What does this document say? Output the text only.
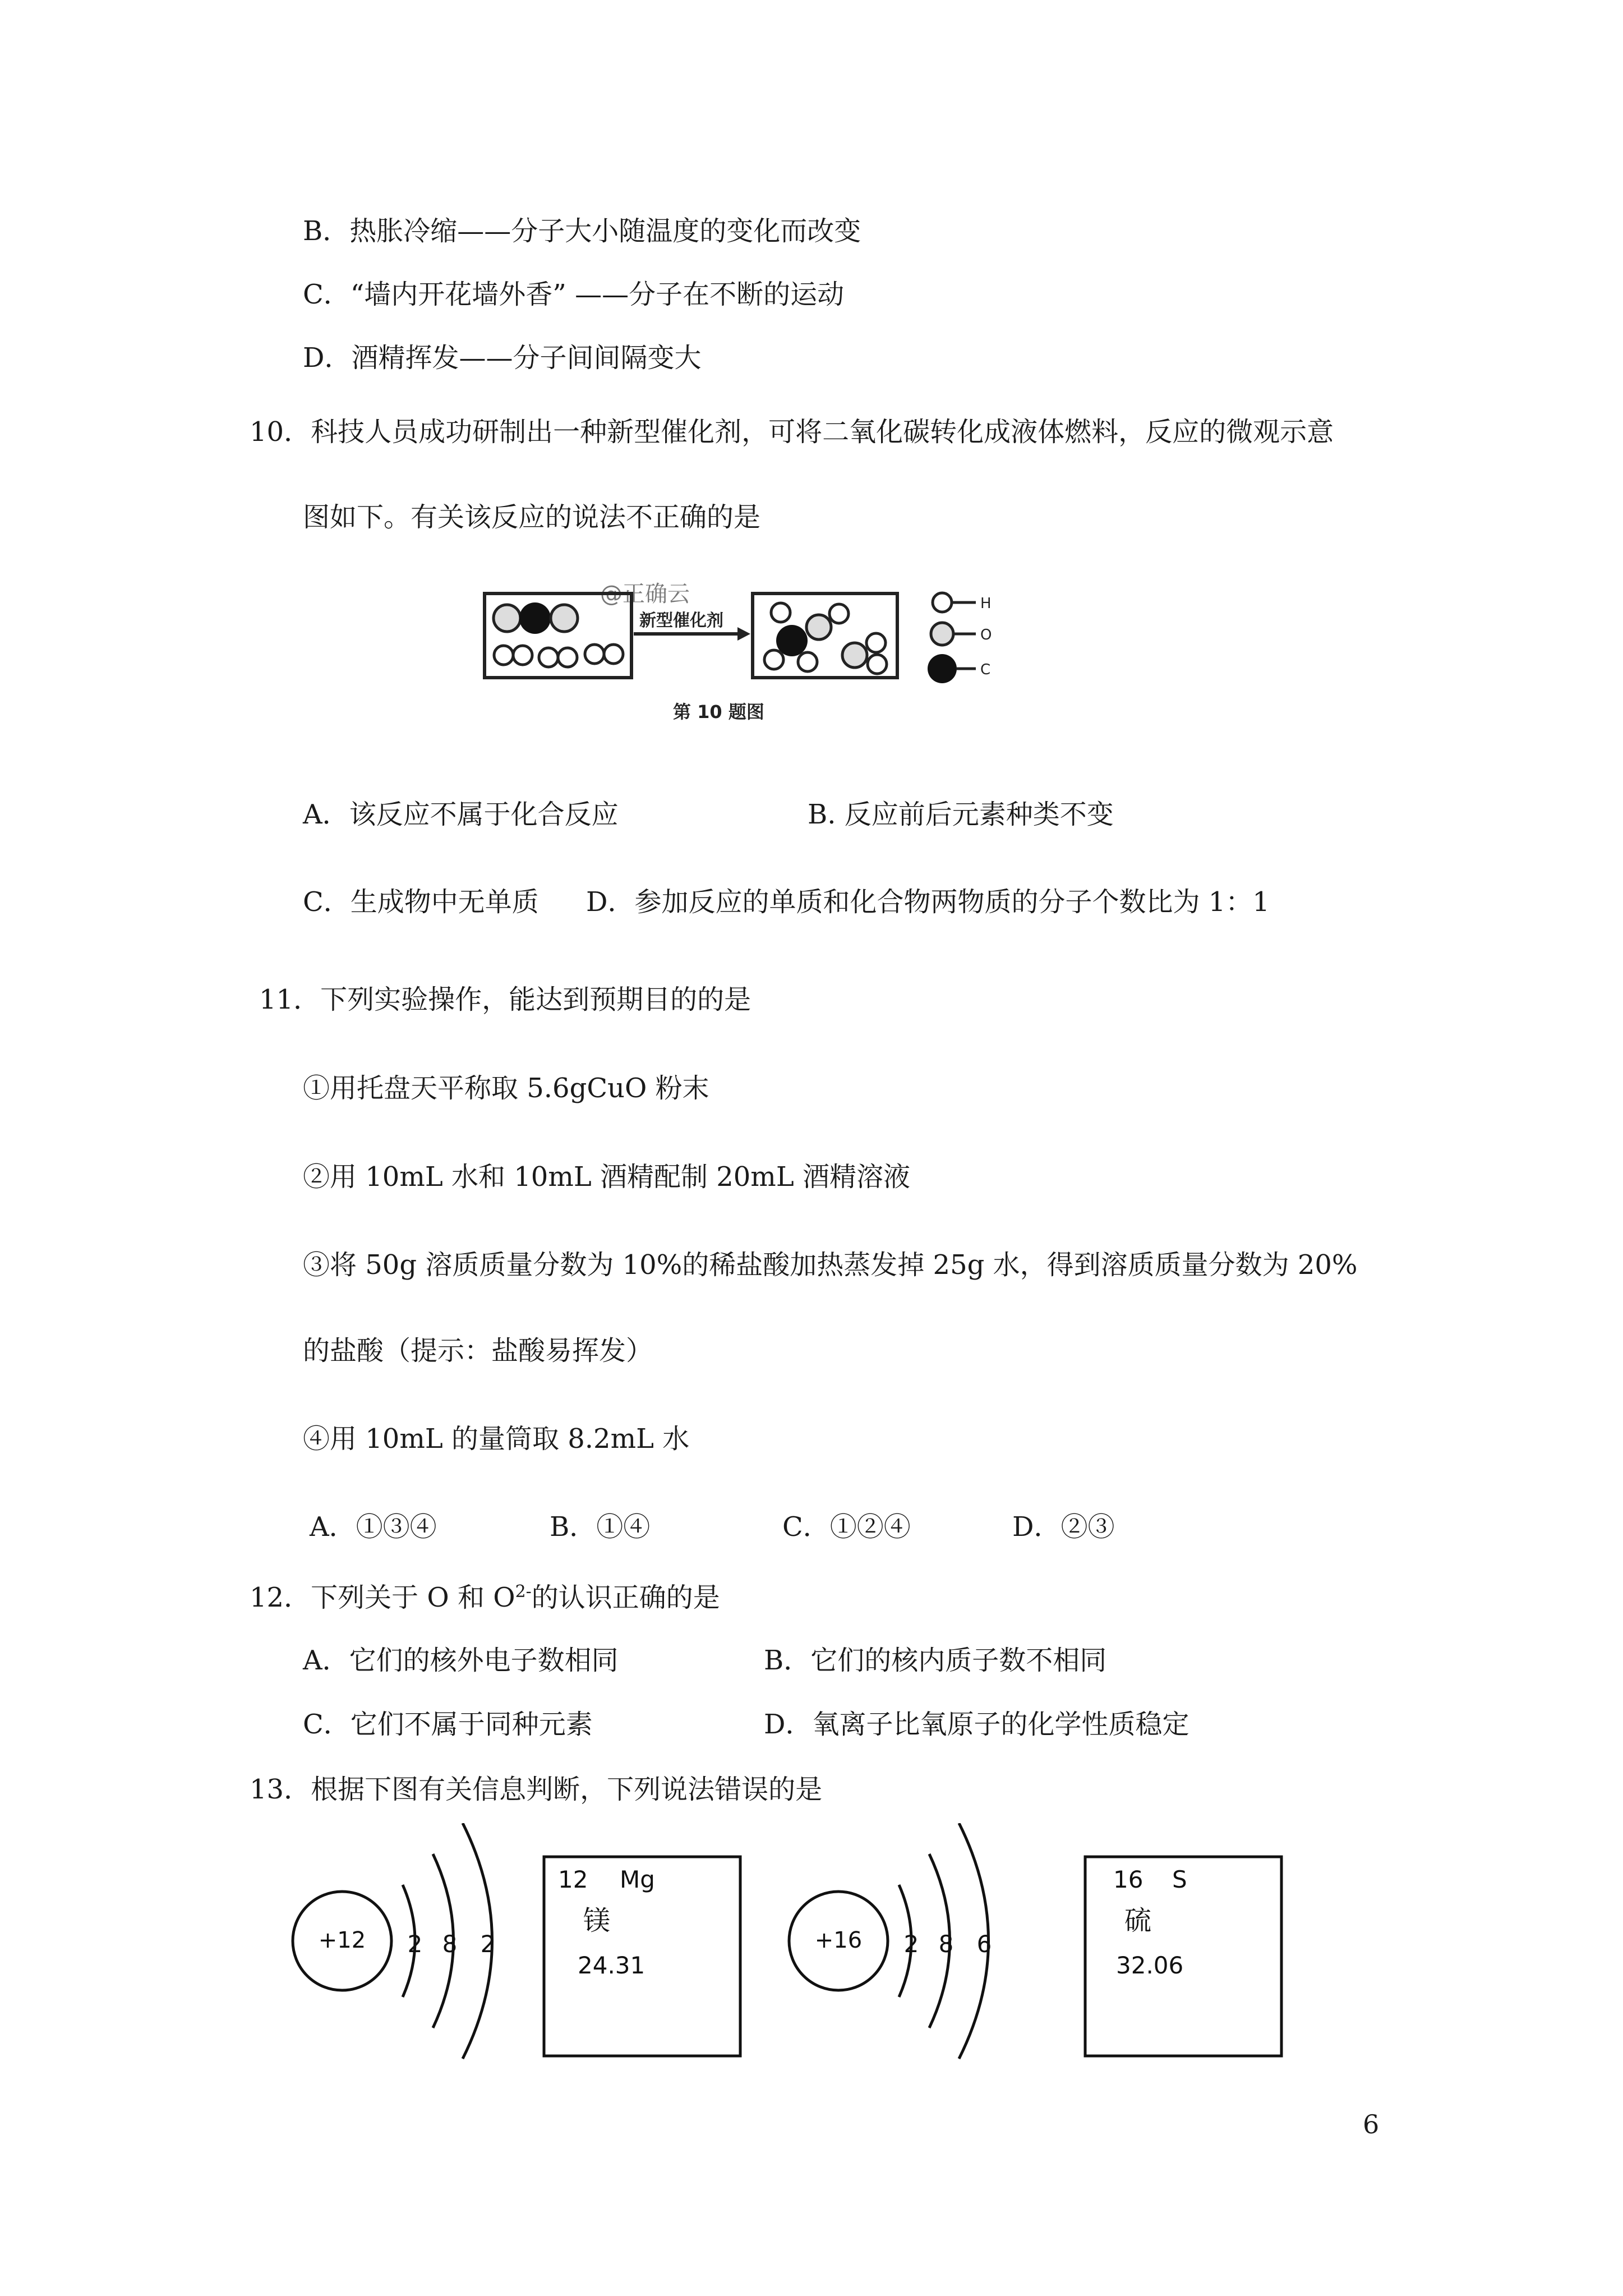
B．热胀冷缩——分子大小随温度的变化而改变
C．“墙内开花墙外香” ——分子在不断的运动
D．酒精挥发——分子间间隔变大
10．科技人员成功研制出一种新型催化剂，可将二氧化碳转化成液体燃料，反应的微观示意
图如下。有关该反应的说法不正确的是
@正确云
新型催化剂
H
O
C
第 10 题图
A．该反应不属于化合反应	B. 反应前后元素种类不变
C．生成物中无单质 D．参加反应的单质和化合物两物质的分子个数比为 1：1
11．下列实验操作，能达到预期目的的是
①用托盘天平称取 5.6gCuO 粉末
②用 10mL 水和 10mL 酒精配制 20mL 酒精溶液
③将 50g 溶质质量分数为 10%的稀盐酸加热蒸发掉 25g 水，得到溶质质量分数为 20%
的盐酸（提示：盐酸易挥发）
④用 10mL 的量筒取 8.2mL 水
A．①③④	B．①④	C．①②④	D．②③
12．下列关于 O 和 $O^{2-}$的认识正确的是
A．它们的核外电子数相同	B．它们的核内质子数不相同
C．它们不属于同种元素	D．氧离子比氧原子的化学性质稳定
13．根据下图有关信息判断，下列说法错误的是
+12 2 8 2
12 Mg
镁
24.31
+16 2 8 6
16 S
硫
32.06
6
